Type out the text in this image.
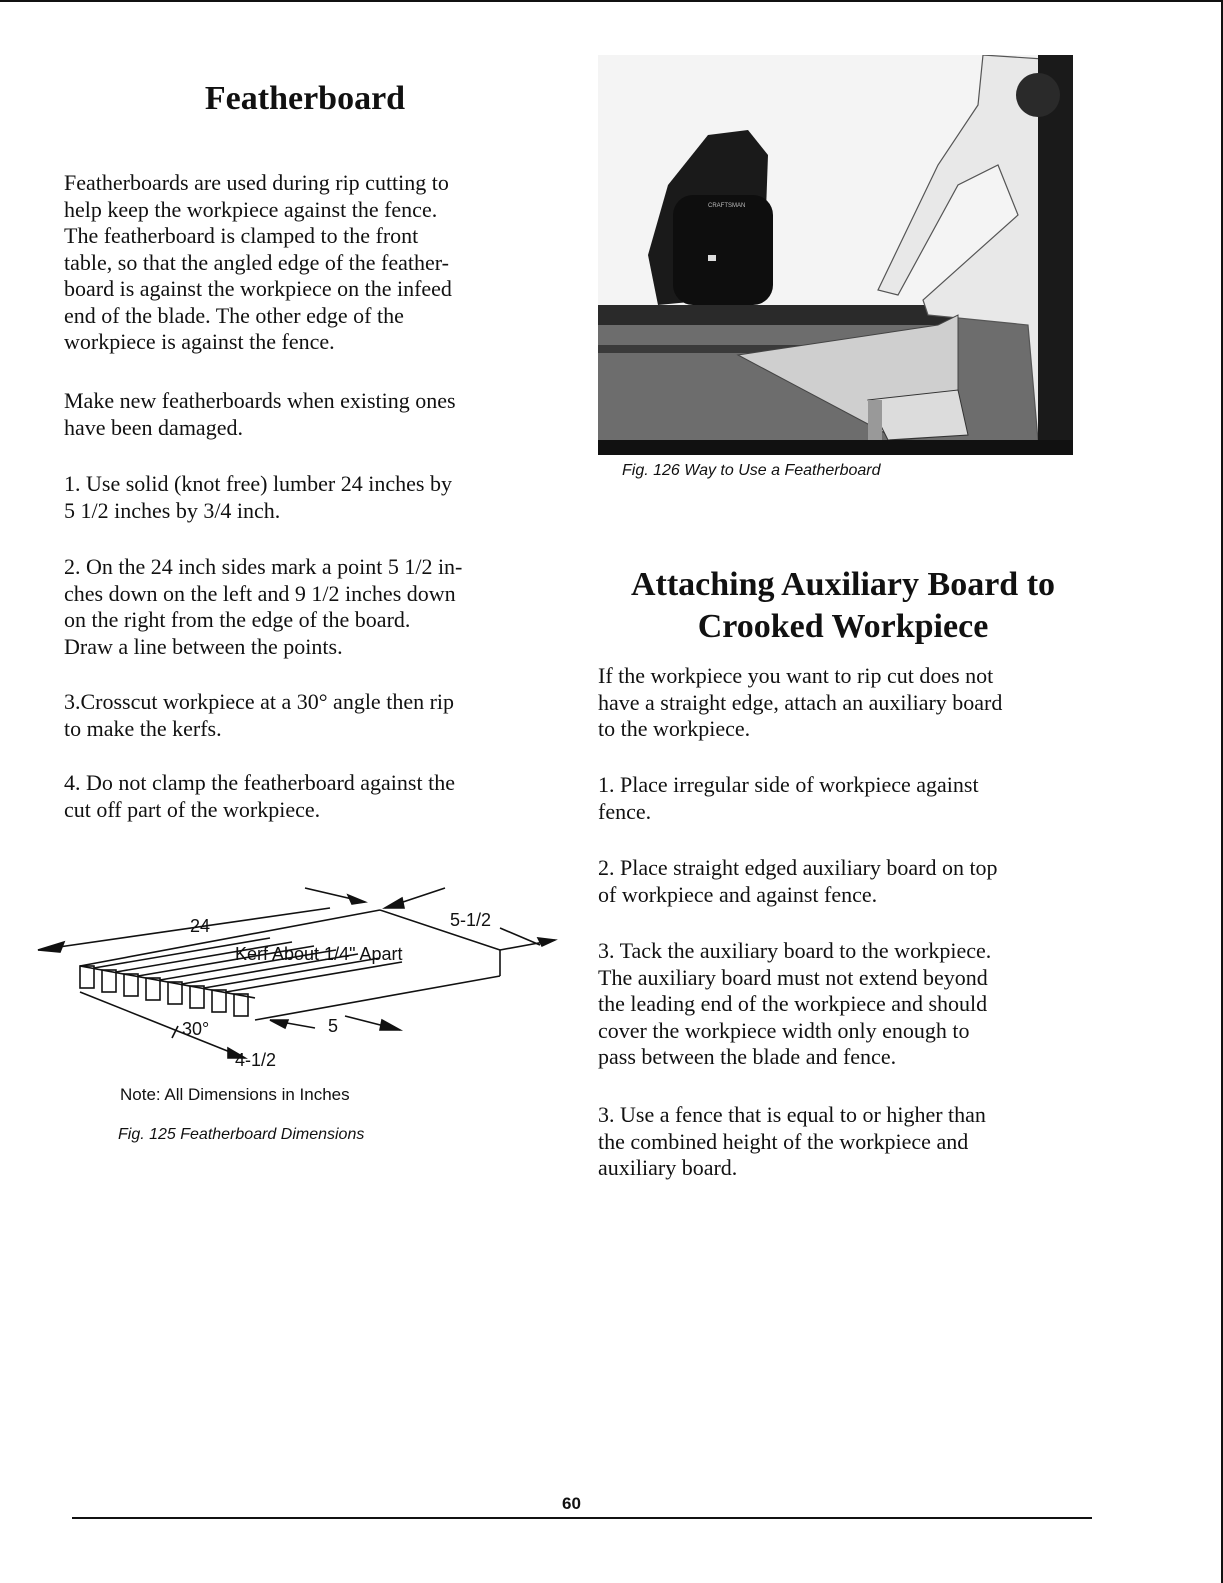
Featherboard

Featherboards are used during rip cutting to
help keep the workpiece against the fence.
The featherboard is clamped to the front
table, so that the angled edge of the feather-
board is against the workpiece on the infeed
end of the blade. The other edge of the
workpiece is against the fence.

Make new featherboards when existing ones
have been damaged.

1. Use solid (knot free) lumber 24 inches by
5 1/2 inches by 3/4 inch.

2. On the 24 inch sides mark a point 5 1/2 in-
ches down on the left and 9 1/2 inches down
on the right from the edge of the board.
Draw a line between the points.

3.Crosscut workpiece at a 30° angle then rip
to make the kerfs.

4. Do not clamp the featherboard against the
cut off part of the workpiece.

24	5-1/2
Kerf About 1/4" Apart
30°	5
4-1/2
Note: All Dimensions in Inches
Fig. 125 Featherboard Dimensions
CRAFTSMAN
Fig. 126 Way to Use a Featherboard
Attaching Auxiliary Board to
Crooked Workpiece

If the workpiece you want to rip cut does not
have a straight edge, attach an auxiliary board
to the workpiece.

1. Place irregular side of workpiece against
fence.

2. Place straight edged auxiliary board on top
of workpiece and against fence.

3. Tack the auxiliary board to the workpiece.
The auxiliary board must not extend beyond
the leading end of the workpiece and should
cover the workpiece width only enough to
pass between the blade and fence.

3. Use a fence that is equal to or higher than
the combined height of the workpiece and
auxiliary board.

60
